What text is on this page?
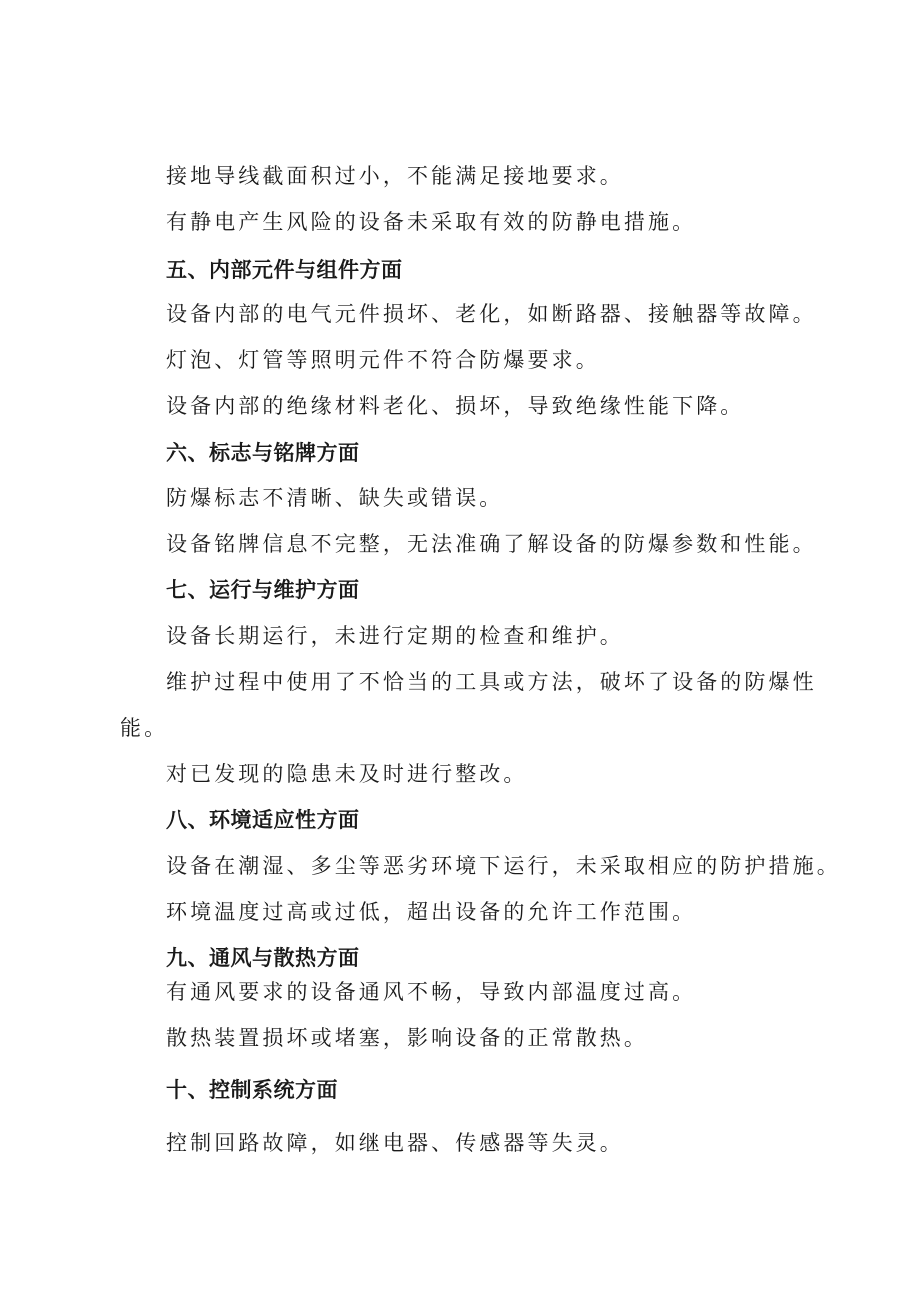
接地导线截面积过小，不能满足接地要求。
有静电产生风险的设备未采取有效的防静电措施。
五、内部元件与组件方面
设备内部的电气元件损坏、老化，如断路器、接触器等故障。
灯泡、灯管等照明元件不符合防爆要求。
设备内部的绝缘材料老化、损坏，导致绝缘性能下降。
六、标志与铭牌方面
防爆标志不清晰、缺失或错误。
设备铭牌信息不完整，无法准确了解设备的防爆参数和性能。
七、运行与维护方面
设备长期运行，未进行定期的检查和维护。
维护过程中使用了不恰当的工具或方法，破坏了设备的防爆性
能。
对已发现的隐患未及时进行整改。
八、环境适应性方面
设备在潮湿、多尘等恶劣环境下运行，未采取相应的防护措施。
环境温度过高或过低，超出设备的允许工作范围。
九、通风与散热方面
有通风要求的设备通风不畅，导致内部温度过高。
散热装置损坏或堵塞，影响设备的正常散热。
十、控制系统方面
控制回路故障，如继电器、传感器等失灵。
